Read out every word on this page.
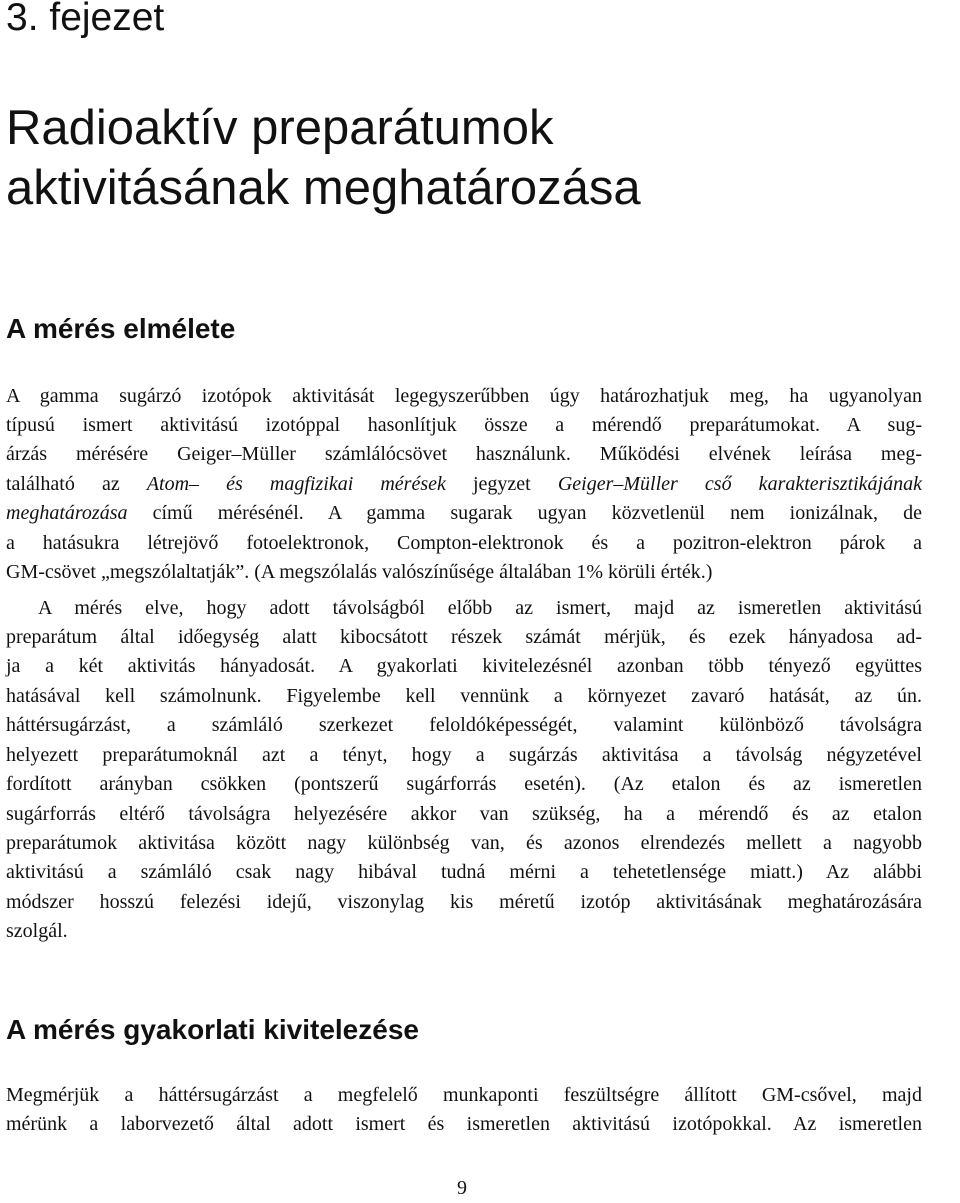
3. fejezet
Radioaktív preparátumok
aktivitásának meghatározása
A mérés elmélete
A gamma sugárzó izotópok aktivitását legegyszerűbben úgy határozhatjuk meg, ha ugyanolyan
típusú ismert aktivitású izotóppal hasonlítjuk össze a mérendő preparátumokat. A sug-
árzás mérésére Geiger–Müller számlálócsövet használunk. Működési elvének leírása meg-
található az Atom– és magfizikai mérések jegyzet Geiger–Müller cső karakterisztikájának
meghatározása című mérésénél. A gamma sugarak ugyan közvetlenül nem ionizálnak, de
a hatásukra létrejövő fotoelektronok, Compton-elektronok és a pozitron-elektron párok a
GM-csövet „megszólaltatják”. (A megszólalás valószínűsége általában 1% körüli érték.)
A mérés elve, hogy adott távolságból előbb az ismert, majd az ismeretlen aktivitású
preparátum által időegység alatt kibocsátott részek számát mérjük, és ezek hányadosa ad-
ja a két aktivitás hányadosát. A gyakorlati kivitelezésnél azonban több tényező együttes
hatásával kell számolnunk. Figyelembe kell vennünk a környezet zavaró hatását, az ún.
háttérsugárzást, a számláló szerkezet feloldóképességét, valamint különböző távolságra
helyezett preparátumoknál azt a tényt, hogy a sugárzás aktivitása a távolság négyzetével
fordított arányban csökken (pontszerű sugárforrás esetén). (Az etalon és az ismeretlen
sugárforrás eltérő távolságra helyezésére akkor van szükség, ha a mérendő és az etalon
preparátumok aktivitása között nagy különbség van, és azonos elrendezés mellett a nagyobb
aktivitású a számláló csak nagy hibával tudná mérni a tehetetlensége miatt.) Az alábbi
módszer hosszú felezési idejű, viszonylag kis méretű izotóp aktivitásának meghatározására
szolgál.
A mérés gyakorlati kivitelezése
Megmérjük a háttérsugárzást a megfelelő munkaponti feszültségre állított GM-csővel, majd
mérünk a laborvezető által adott ismert és ismeretlen aktivitású izotópokkal. Az ismeretlen
9
